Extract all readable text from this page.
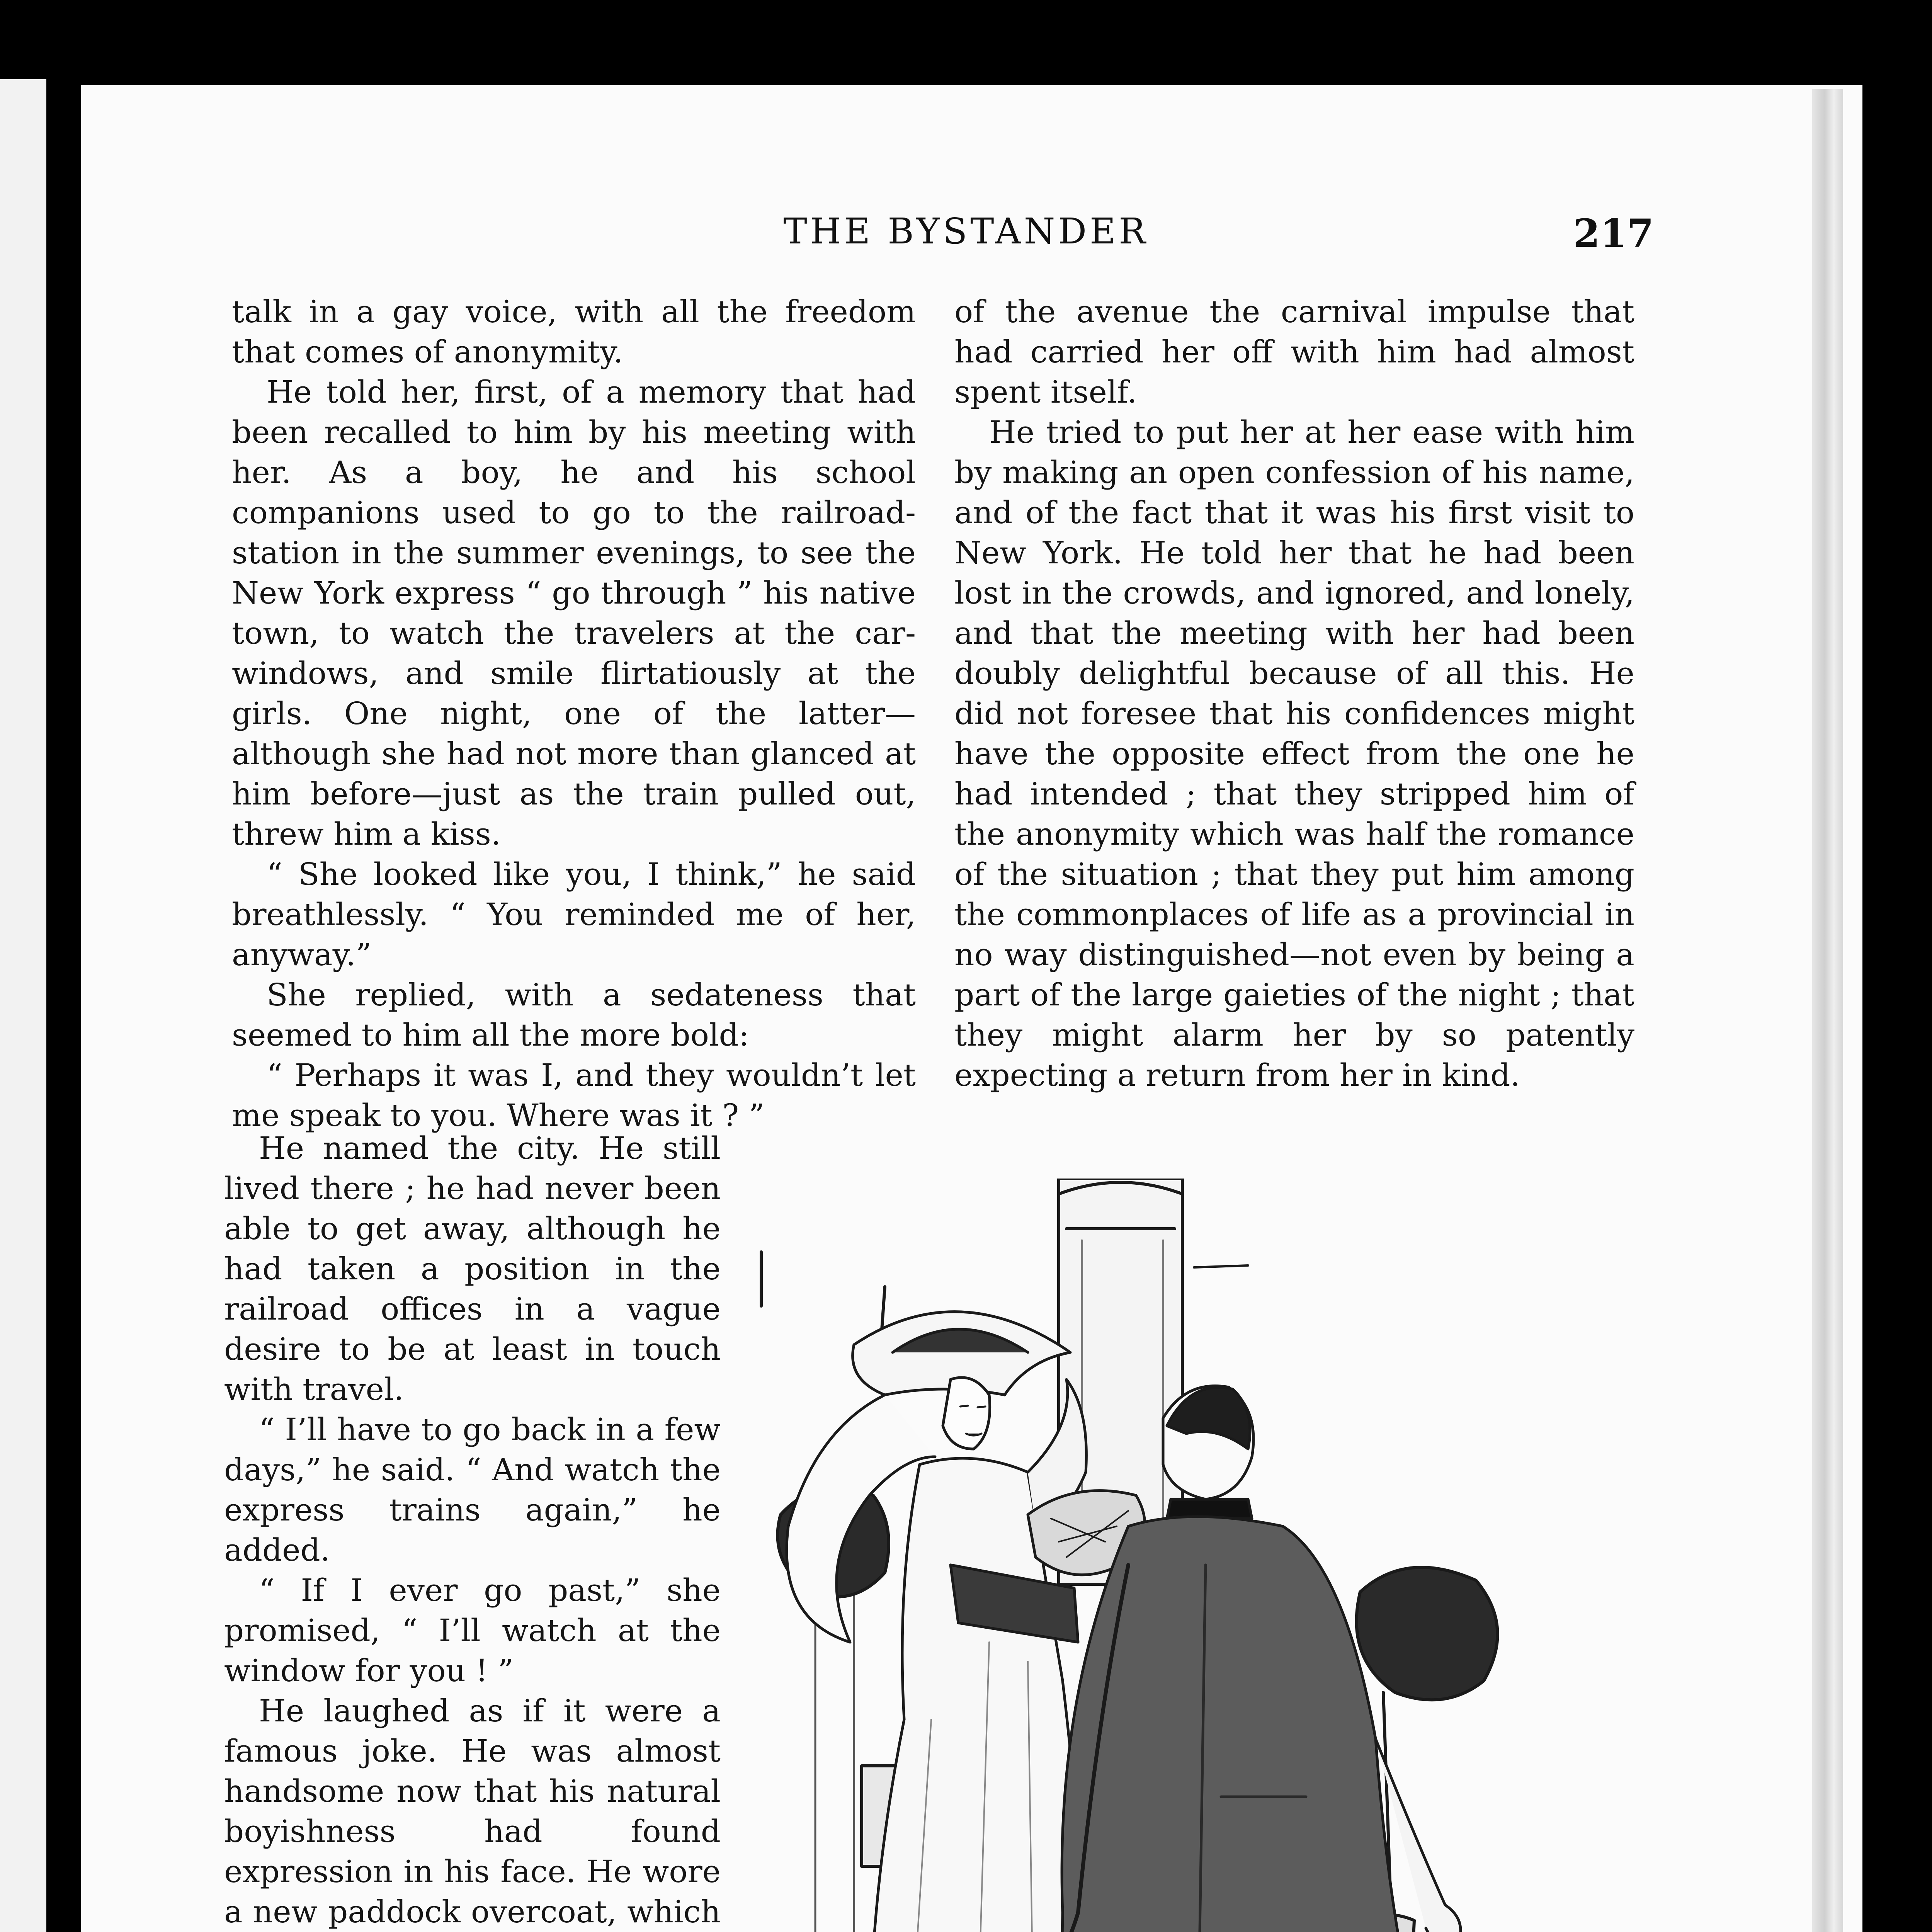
THE BYSTANDER	217

talk in a gay voice, with all the freedom that comes of anonymity.

He told her, first, of a memory that had been recalled to him by his meeting with her. As a boy, he and his school companions used to go to the railroad-station in the summer evenings, to see the New York express “ go through ” his native town, to watch the travelers at the car-windows, and smile flirtatiously at the girls. One night, one of the latter—although she had not more than glanced at him before—just as the train pulled out, threw him a kiss.

“ She looked like you, I think,” he said breathlessly. “ You reminded me of her, anyway.”

She replied, with a sedateness that seemed to him all the more bold:

“ Perhaps it was I, and they wouldn’t let me speak to you. Where was it ? ”

of the avenue the carnival impulse that had carried her off with him had almost spent itself.

He tried to put her at her ease with him by making an open confession of his name, and of the fact that it was his first visit to New York. He told her that he had been lost in the crowds, and ignored, and lonely, and that the meeting with her had been doubly delightful because of all this. He did not foresee that his confidences might have the opposite effect from the one he had intended ; that they stripped him of the anonymity which was half the romance of the situation ; that they put him among the commonplaces of life as a provincial in no way distinguished—not even by being a part of the large gaieties of the night ; that they might alarm her by so patently expecting a return from her in kind.

He named the city. He still lived there ; he had never been able to get away, although he had taken a position in the railroad offices in a vague desire to be at least in touch with travel.

“ I’ll have to go back in a few days,” he said. “ And watch the express trains again,” he added.

“ If I ever go past,” she promised, “ I’ll watch at the window for you ! ”

He laughed as if it were a famous joke. He was almost handsome now that his natural boyishness had found expression in his face. He wore a new paddock overcoat, which
